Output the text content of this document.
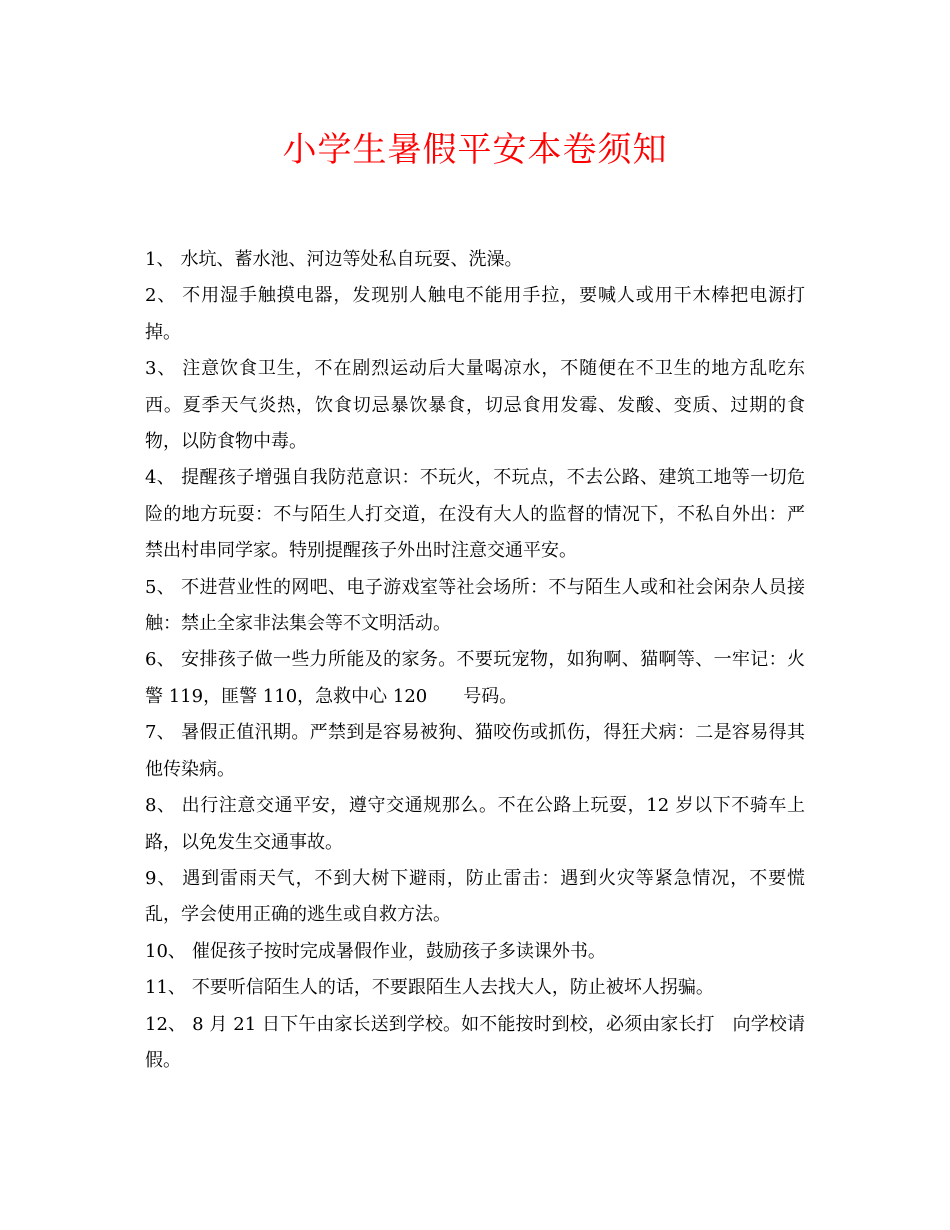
小学生暑假平安本卷须知
1、 水坑、蓄水池、河边等处私自玩耍、洗澡。
2、 不用湿手触摸电器，发现别人触电不能用手拉，要喊人或用干木棒把电源打掉。
3、 注意饮食卫生，不在剧烈运动后大量喝凉水，不随便在不卫生的地方乱吃东西。夏季天气炎热，饮食切忌暴饮暴食，切忌食用发霉、发酸、变质、过期的食物，以防食物中毒。
4、 提醒孩子增强自我防范意识：不玩火，不玩点，不去公路、建筑工地等一切危险的地方玩耍：不与陌生人打交道，在没有大人的监督的情况下，不私自外出：严禁出村串同学家。特别提醒孩子外出时注意交通平安。
5、 不进营业性的网吧、电子游戏室等社会场所：不与陌生人或和社会闲杂人员接触：禁止全家非法集会等不文明活动。
6、 安排孩子做一些力所能及的家务。不要玩宠物，如狗啊、猫啊等、一牢记：火警 119，匪警 110，急救中心 120　　号码。
7、 暑假正值汛期。严禁到是容易被狗、猫咬伤或抓伤，得狂犬病：二是容易得其他传染病。
8、 出行注意交通平安，遵守交通规那么。不在公路上玩耍，12 岁以下不骑车上路，以免发生交通事故。
9、 遇到雷雨天气，不到大树下避雨，防止雷击：遇到火灾等紧急情况，不要慌乱，学会使用正确的逃生或自救方法。
10、 催促孩子按时完成暑假作业，鼓励孩子多读课外书。
11、 不要听信陌生人的话，不要跟陌生人去找大人，防止被坏人拐骗。
12、 8 月 21 日下午由家长送到学校。如不能按时到校，必须由家长打　向学校请假。
